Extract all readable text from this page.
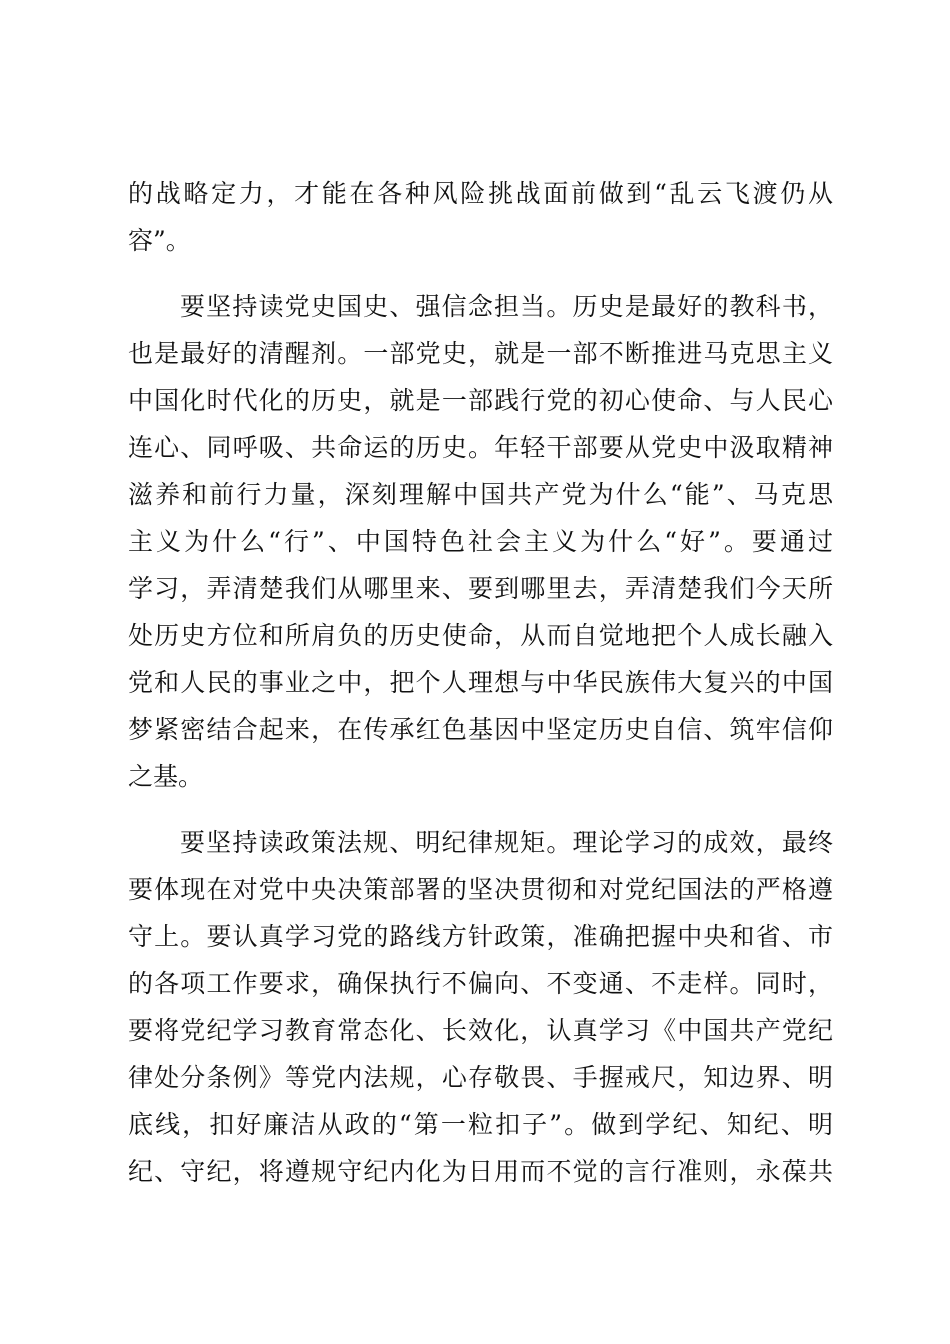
的战略定力，才能在各种风险挑战面前做到“乱云飞渡仍从
容”。
要坚持读党史国史、强信念担当。历史是最好的教科书，
也是最好的清醒剂。一部党史，就是一部不断推进马克思主义
中国化时代化的历史，就是一部践行党的初心使命、与人民心
连心、同呼吸、共命运的历史。年轻干部要从党史中汲取精神
滋养和前行力量，深刻理解中国共产党为什么“能”、马克思
主义为什么“行”、中国特色社会主义为什么“好”。要通过
学习，弄清楚我们从哪里来、要到哪里去，弄清楚我们今天所
处历史方位和所肩负的历史使命，从而自觉地把个人成长融入
党和人民的事业之中，把个人理想与中华民族伟大复兴的中国
梦紧密结合起来，在传承红色基因中坚定历史自信、筑牢信仰
之基。
要坚持读政策法规、明纪律规矩。理论学习的成效，最终
要体现在对党中央决策部署的坚决贯彻和对党纪国法的严格遵
守上。要认真学习党的路线方针政策，准确把握中央和省、市
的各项工作要求，确保执行不偏向、不变通、不走样。同时，
要将党纪学习教育常态化、长效化，认真学习《中国共产党纪
律处分条例》等党内法规，心存敬畏、手握戒尺，知边界、明
底线，扣好廉洁从政的“第一粒扣子”。做到学纪、知纪、明
纪、守纪，将遵规守纪内化为日用而不觉的言行准则，永葆共
